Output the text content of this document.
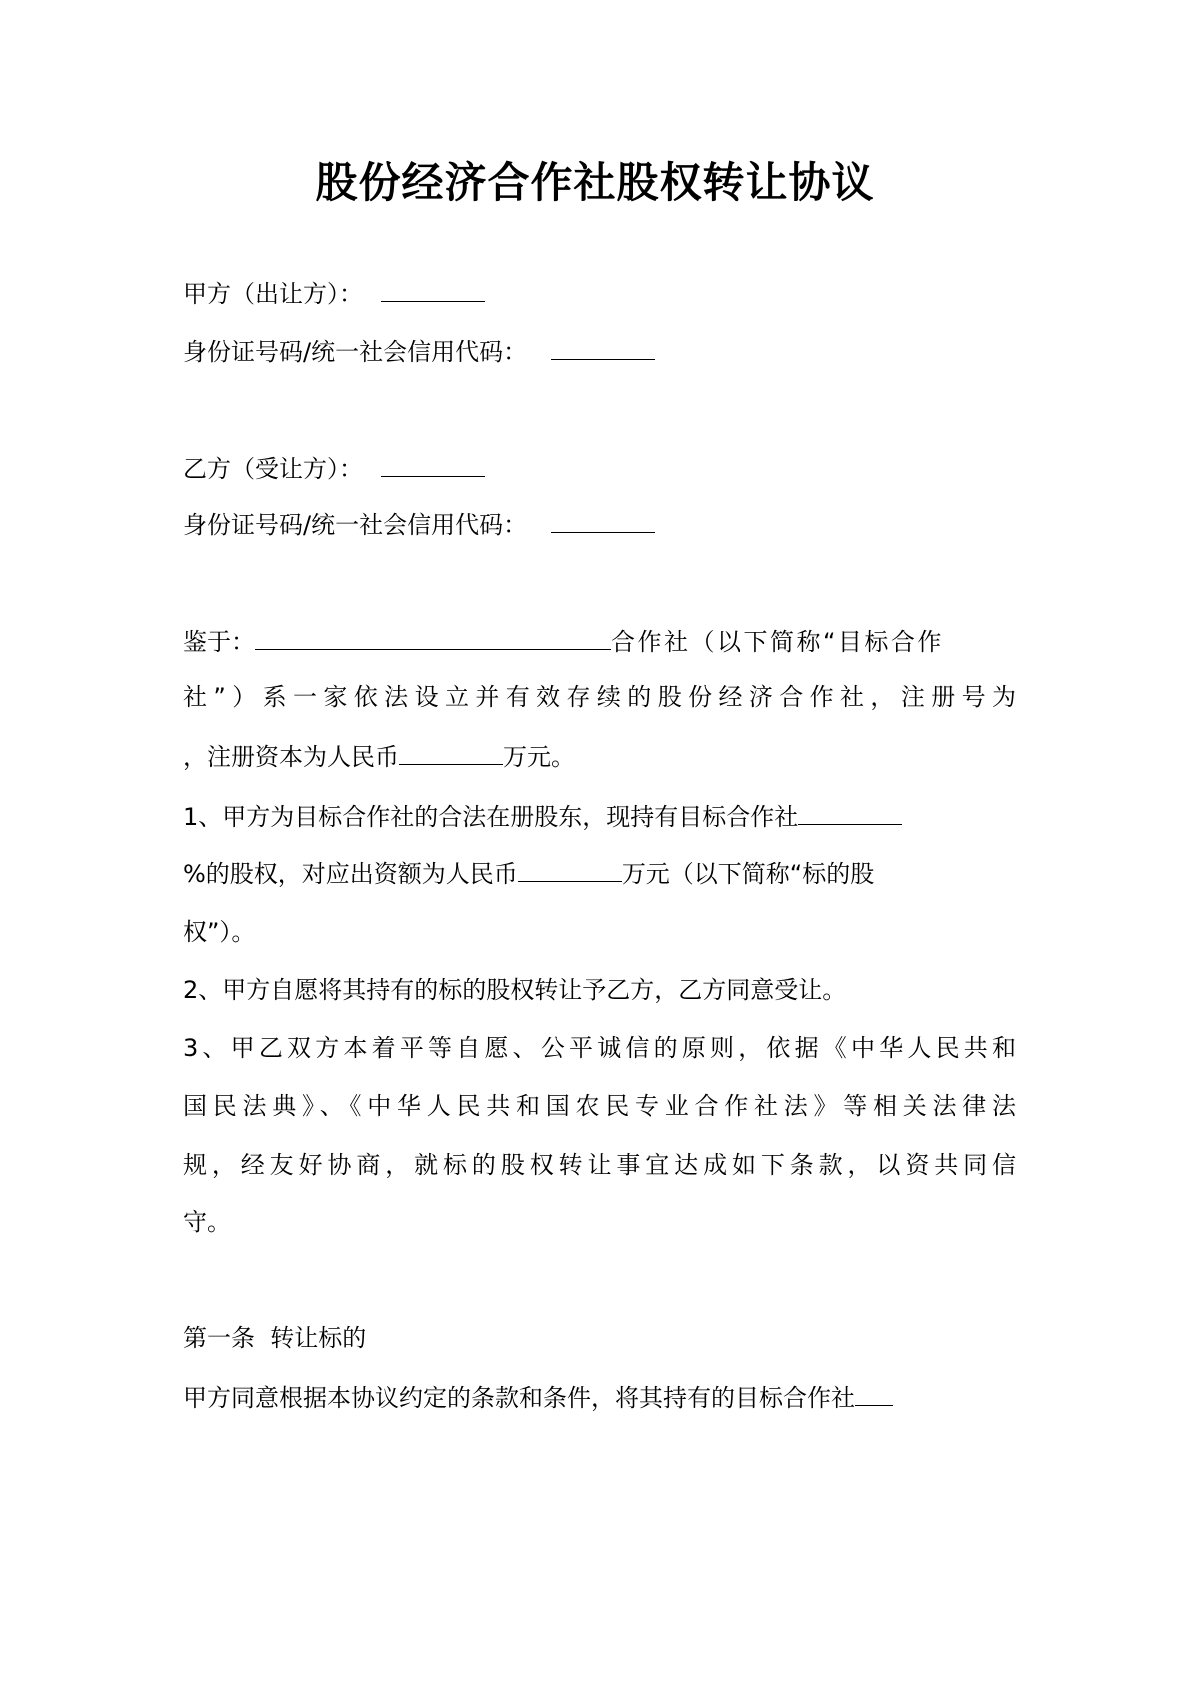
股份经济合作社股权转让协议
甲方（出让方）：
身份证号码/统一社会信用代码：
乙方（受让方）：
身份证号码/统一社会信用代码：
鉴于：	合作社（以下简称“目标合作
社”）系一家依法设立并有效存续的股份经济合作社，注册号为
，注册资本为人民币	万元。
1、甲方为目标合作社的合法在册股东，现持有目标合作社
%的股权，对应出资额为人民币	万元（以下简称“标的股
权”）。
2、甲方自愿将其持有的标的股权转让予乙方，乙方同意受让。
3、甲乙双方本着平等自愿、公平诚信的原则，依据《中华人民共和
国民法典》、《中华人民共和国农民专业合作社法》等相关法律法
规，经友好协商，就标的股权转让事宜达成如下条款，以资共同信
守。
第一条  转让标的
甲方同意根据本协议约定的条款和条件，将其持有的目标合作社
